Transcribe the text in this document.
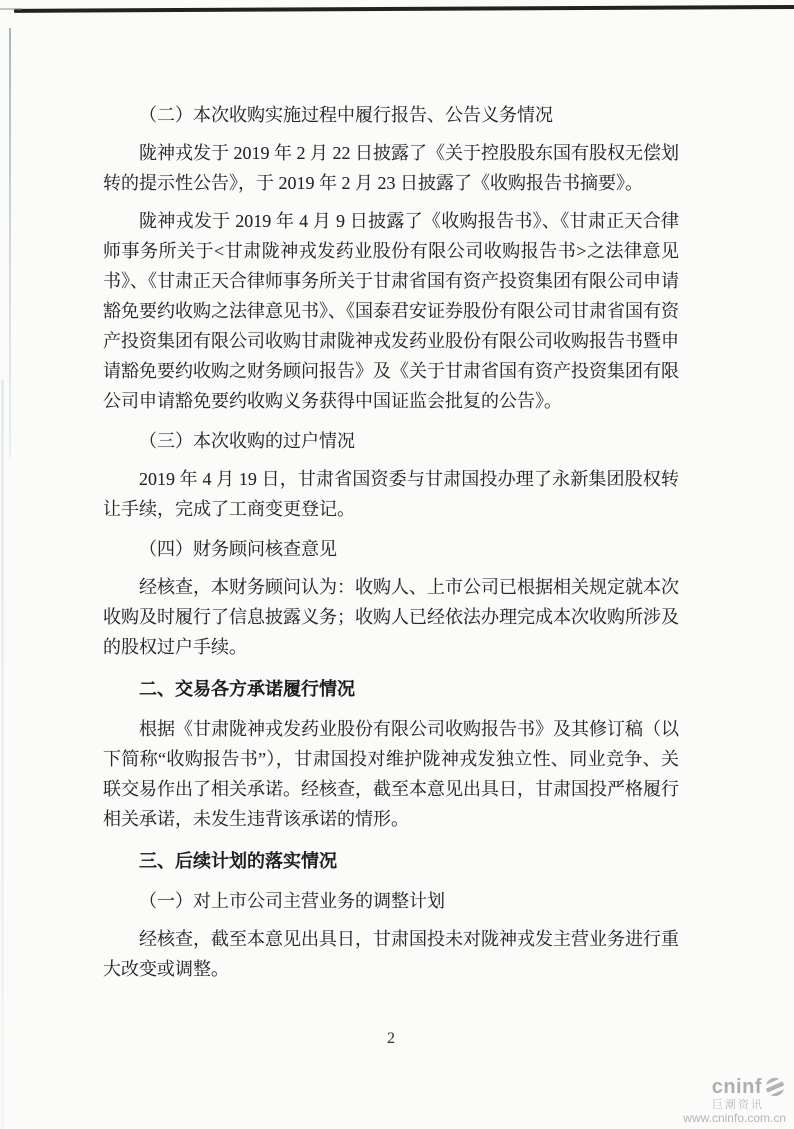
（二）本次收购实施过程中履行报告、公告义务情况

陇神戎发于 2019 年 2 月 22 日披露了《关于控股股东国有股权无偿划转的提示性公告》，于 2019 年 2 月 23 日披露了《收购报告书摘要》。

陇神戎发于 2019 年 4 月 9 日披露了《收购报告书》、《甘肃正天合律师事务所关于<甘肃陇神戎发药业股份有限公司收购报告书>之法律意见书》、《甘肃正天合律师事务所关于甘肃省国有资产投资集团有限公司申请豁免要约收购之法律意见书》、《国泰君安证券股份有限公司甘肃省国有资产投资集团有限公司收购甘肃陇神戎发药业股份有限公司收购报告书暨申请豁免要约收购之财务顾问报告》及《关于甘肃省国有资产投资集团有限公司申请豁免要约收购义务获得中国证监会批复的公告》。

（三）本次收购的过户情况

2019 年 4 月 19 日，甘肃省国资委与甘肃国投办理了永新集团股权转让手续，完成了工商变更登记。

（四）财务顾问核查意见

经核查，本财务顾问认为：收购人、上市公司已根据相关规定就本次收购及时履行了信息披露义务；收购人已经依法办理完成本次收购所涉及的股权过户手续。

二、交易各方承诺履行情况

根据《甘肃陇神戎发药业股份有限公司收购报告书》及其修订稿（以下简称“收购报告书”），甘肃国投对维护陇神戎发独立性、同业竞争、关联交易作出了相关承诺。经核查，截至本意见出具日，甘肃国投严格履行相关承诺，未发生违背该承诺的情形。

三、后续计划的落实情况

（一）对上市公司主营业务的调整计划

经核查，截至本意见出具日，甘肃国投未对陇神戎发主营业务进行重大改变或调整。

2
cninf
巨潮资讯
www.cninfo.com.cn
